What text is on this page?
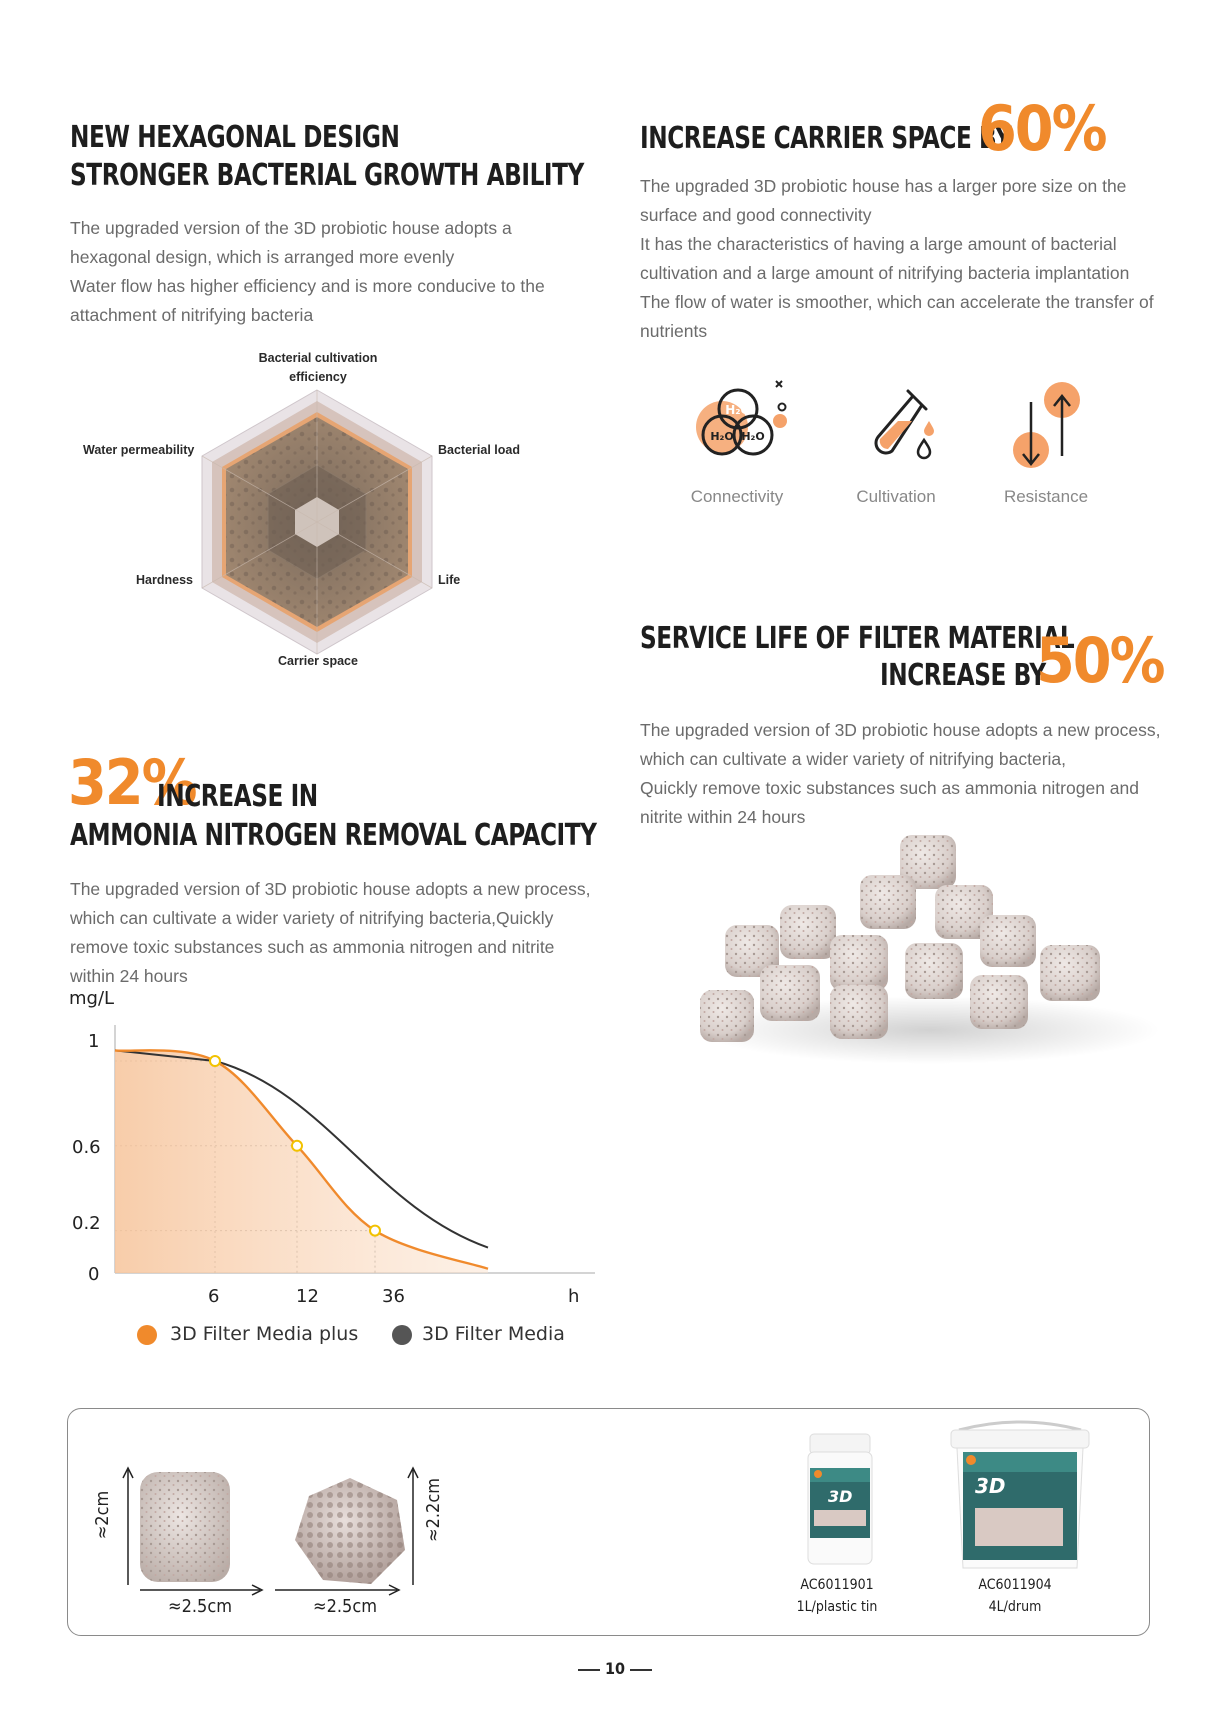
NEW HEXAGONAL DESIGN
STRONGER BACTERIAL GROWTH ABILITY

The upgraded version of the 3D probiotic house adopts a hexagonal design, which is arranged more evenly

Water flow has higher efficiency and is more conducive to the attachment of nitrifying bacteria

Bacterial cultivation
efficiency
Bacterial load
Life
Carrier space
Hardness
Water permeability
INCREASE CARRIER SPACE BY
60%

The upgraded 3D probiotic house has a larger pore size on the surface and good connectivity

It has the characteristics of having a large amount of bacterial cultivation and a large amount of nitrifying bacteria implantation

The flow of water is smoother, which can accelerate the transfer of nutrients

H₂O
H₂O H₂O
Connectivity	Cultivation	Resistance
SERVICE LIFE OF FILTER MATERIAL
INCREASE BY
50%

The upgraded version of 3D probiotic house adopts a new process, which can cultivate a wider variety of nitrifying bacteria,

Quickly remove toxic substances such as ammonia nitrogen and nitrite within 24 hours

32%
INCREASE IN
AMMONIA NITROGEN REMOVAL CAPACITY
The upgraded version of 3D probiotic house adopts a new process, which can cultivate a wider variety of nitrifying bacteria,Quickly remove toxic substances such as ammonia nitrogen and nitrite within 24 hours
mg/L
1
0.6
0.2
0
6	12	36	h
3D Filter Media plus	3D Filter Media
≈2cm
≈2.5cm	≈2.5cm
≈2.2cm	3D	3D
AC6011901
1L/plastic tin
AC6011904
4L/drum
10
